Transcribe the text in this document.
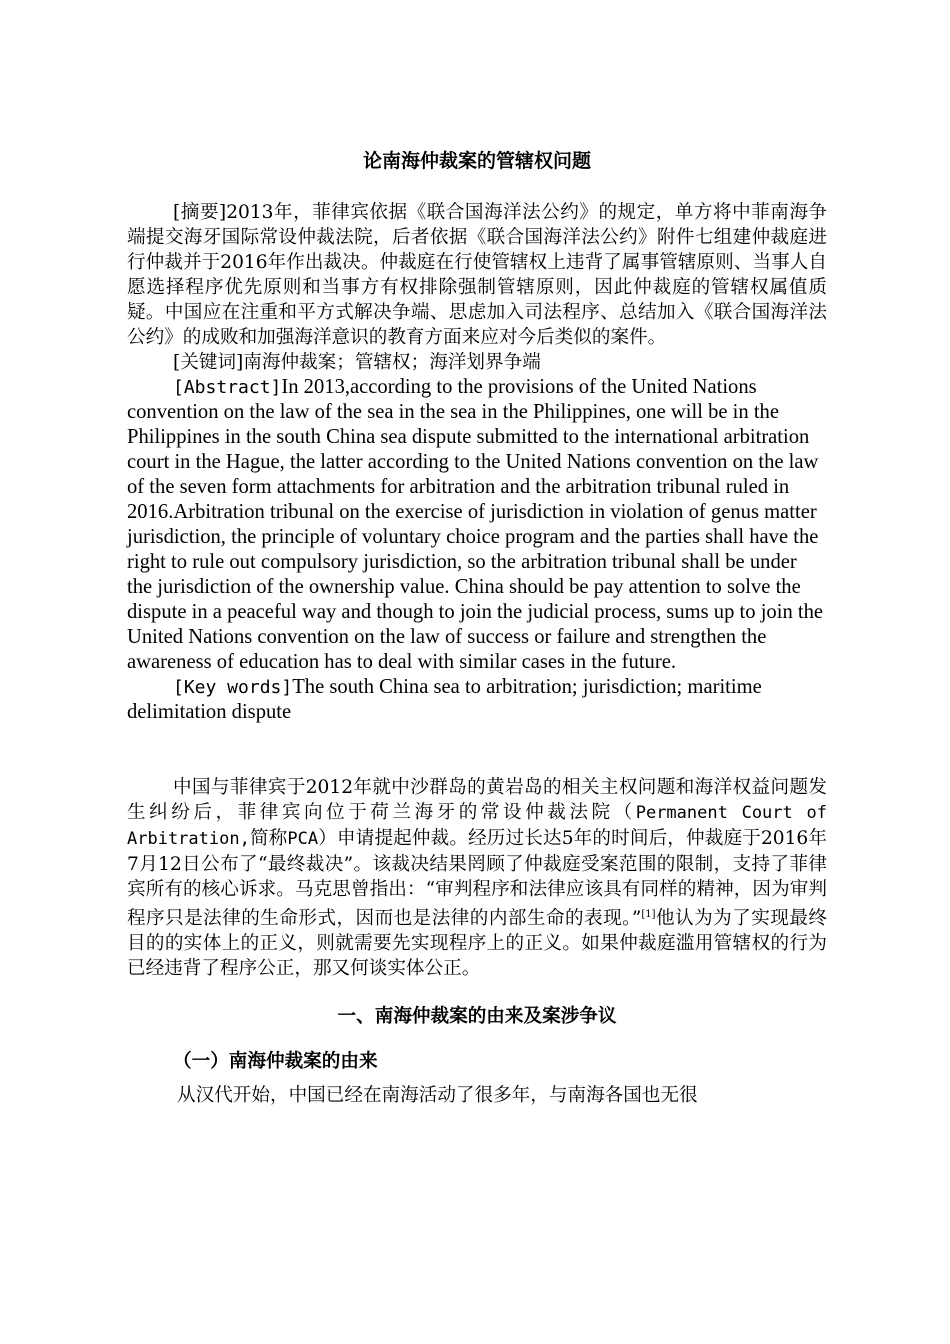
论南海仲裁案的管辖权问题

[摘要]2013年，菲律宾依据《联合国海洋法公约》的规定，单方将中菲南海争端提交海牙国际常设仲裁法院，后者依据《联合国海洋法公约》附件七组建仲裁庭进行仲裁并于2016年作出裁决。仲裁庭在行使管辖权上违背了属事管辖原则、当事人自愿选择程序优先原则和当事方有权排除强制管辖原则，因此仲裁庭的管辖权属值质疑。中国应在注重和平方式解决争端、思虑加入司法程序、总结加入《联合国海洋法公约》的成败和加强海洋意识的教育方面来应对今后类似的案件。

[关键词]南海仲裁案；管辖权；海洋划界争端

[Abstract]In 2013,according to the provisions of the United Nations convention on the law of the sea in the sea in the Philippines, one will be in the Philippines in the south China sea dispute submitted to the international arbitration court in the Hague, the latter according to the United Nations convention on the law of the seven form attachments for arbitration and the arbitration tribunal ruled in 2016.Arbitration tribunal on the exercise of jurisdiction in violation of genus matter jurisdiction, the principle of voluntary choice program and the parties shall have the right to rule out compulsory jurisdiction, so the arbitration tribunal shall be under the jurisdiction of the ownership value. China should be pay attention to solve the dispute in a peaceful way and though to join the judicial process, sums up to join the United Nations convention on the law of success or failure and strengthen the awareness of education has to deal with similar cases in the future.

[Key words]The south China sea to arbitration; jurisdiction; maritime delimitation dispute

中国与菲律宾于2012年就中沙群岛的黄岩岛的相关主权问题和海洋权益问题发生纠纷后，菲律宾向位于荷兰海牙的常设仲裁法院（Permanent Court of Arbitration,简称PCA）申请提起仲裁。经历过长达5年的时间后，仲裁庭于2016年7月12日公布了“最终裁决”。该裁决结果罔顾了仲裁庭受案范围的限制，支持了菲律宾所有的核心诉求。马克思曾指出：“审判程序和法律应该具有同样的精神，因为审判程序只是法律的生命形式，因而也是法律的内部生命的表现。”[1]他认为为了实现最终目的的实体上的正义，则就需要先实现程序上的正义。如果仲裁庭滥用管辖权的行为已经违背了程序公正，那又何谈实体公正。

一、南海仲裁案的由来及案涉争议
（一）南海仲裁案的由来

从汉代开始，中国已经在南海活动了很多年，与南海各国也无很
